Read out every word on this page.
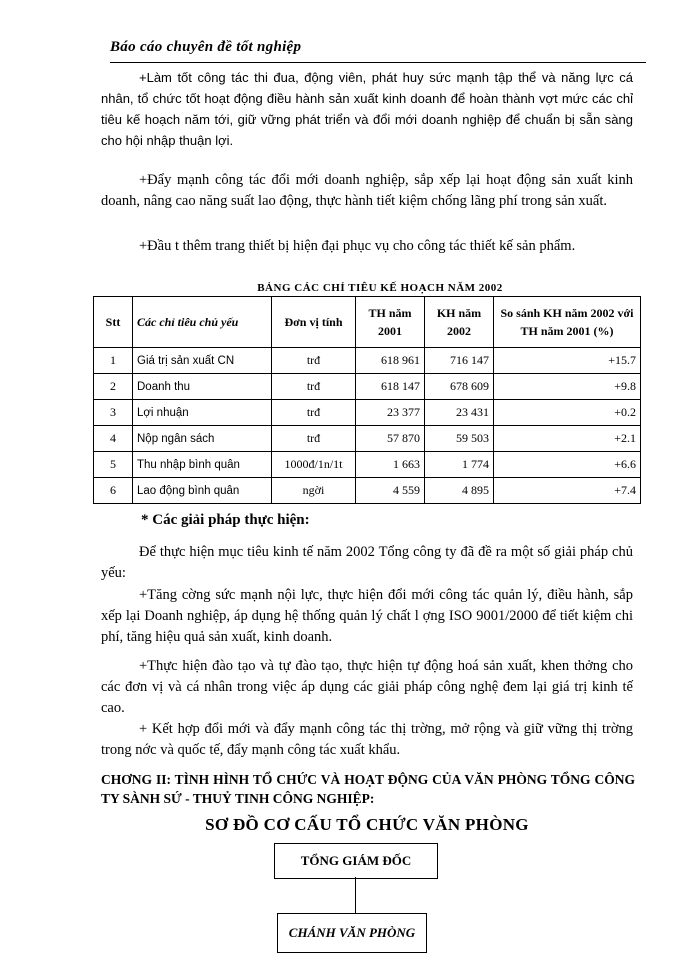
Báo cáo chuyên đề tốt nghiệp

+Làm tốt công tác thi đua, động viên, phát huy sức mạnh tập thể và năng lực cá nhân, tổ chức tốt hoạt động điều hành sản xuất kinh doanh để hoàn thành vợt mức các chỉ tiêu kế hoạch năm tới, giữ vững phát triển và đổi mới doanh nghiệp để chuẩn bị sẵn sàng cho hội nhập thuận lợi.

+Đẩy mạnh công tác đổi mới doanh nghiệp, sắp xếp lại hoạt động sản xuất kinh doanh, nâng cao năng suất lao động, thực hành tiết kiệm chống lãng phí trong sản xuất.

+Đầu t thêm trang thiết bị hiện đại phục vụ cho công tác thiết kế sản phẩm.

BẢNG CÁC CHỈ TIÊU KẾ HOẠCH NĂM 2002
Stt	Các chỉ tiêu chủ yếu	Đơn vị tính	TH năm 2001	KH năm 2002	So sánh KH năm 2002 với TH năm 2001 (%)
1	Giá trị sản xuất CN	trđ	618 961	716 147	+15.7
2	Doanh thu	trđ	618 147	678 609	+9.8
3	Lợi nhuận	trđ	23 377	23 431	+0.2
4	Nộp ngân sách	trđ	57 870	59 503	+2.1
5	Thu nhập bình quân	1000đ/1n/1t	1 663	1 774	+6.6
6	Lao động bình quân	ngời	4 559	4 895	+7.4
* Các giải pháp thực hiện:

Để thực hiện mục tiêu kinh tế năm 2002 Tổng công ty đã đề ra một số giải pháp chủ yếu:

+Tăng cờng sức mạnh nội lực, thực hiện đổi mới công tác quản lý, điều hành, sắp xếp lại Doanh nghiệp, áp dụng hệ thống quản lý chất l ợng ISO 9001/2000 để tiết kiệm chi phí, tăng hiệu quả sản xuất, kinh doanh.

+Thực hiện đào tạo và tự đào tạo, thực hiện tự động hoá sản xuất, khen thởng cho các đơn vị và cá nhân trong việc áp dụng các giải pháp công nghệ đem lại giá trị kinh tế cao.

+ Kết hợp đổi mới và đẩy mạnh công tác thị trờng, mở rộng và giữ vững thị trờng trong nớc và quốc tế, đẩy mạnh công tác xuất khẩu.

CHƠNG II: TÌNH HÌNH TỔ CHỨC VÀ HOẠT ĐỘNG CỦA VĂN PHÒNG TỔNG CÔNG TY SÀNH SỨ - THUỶ TINH CÔNG NGHIỆP:
SƠ ĐỒ CƠ CẤU TỔ CHỨC VĂN PHÒNG
TỔNG GIÁM ĐỐC
CHÁNH VĂN PHÒNG
